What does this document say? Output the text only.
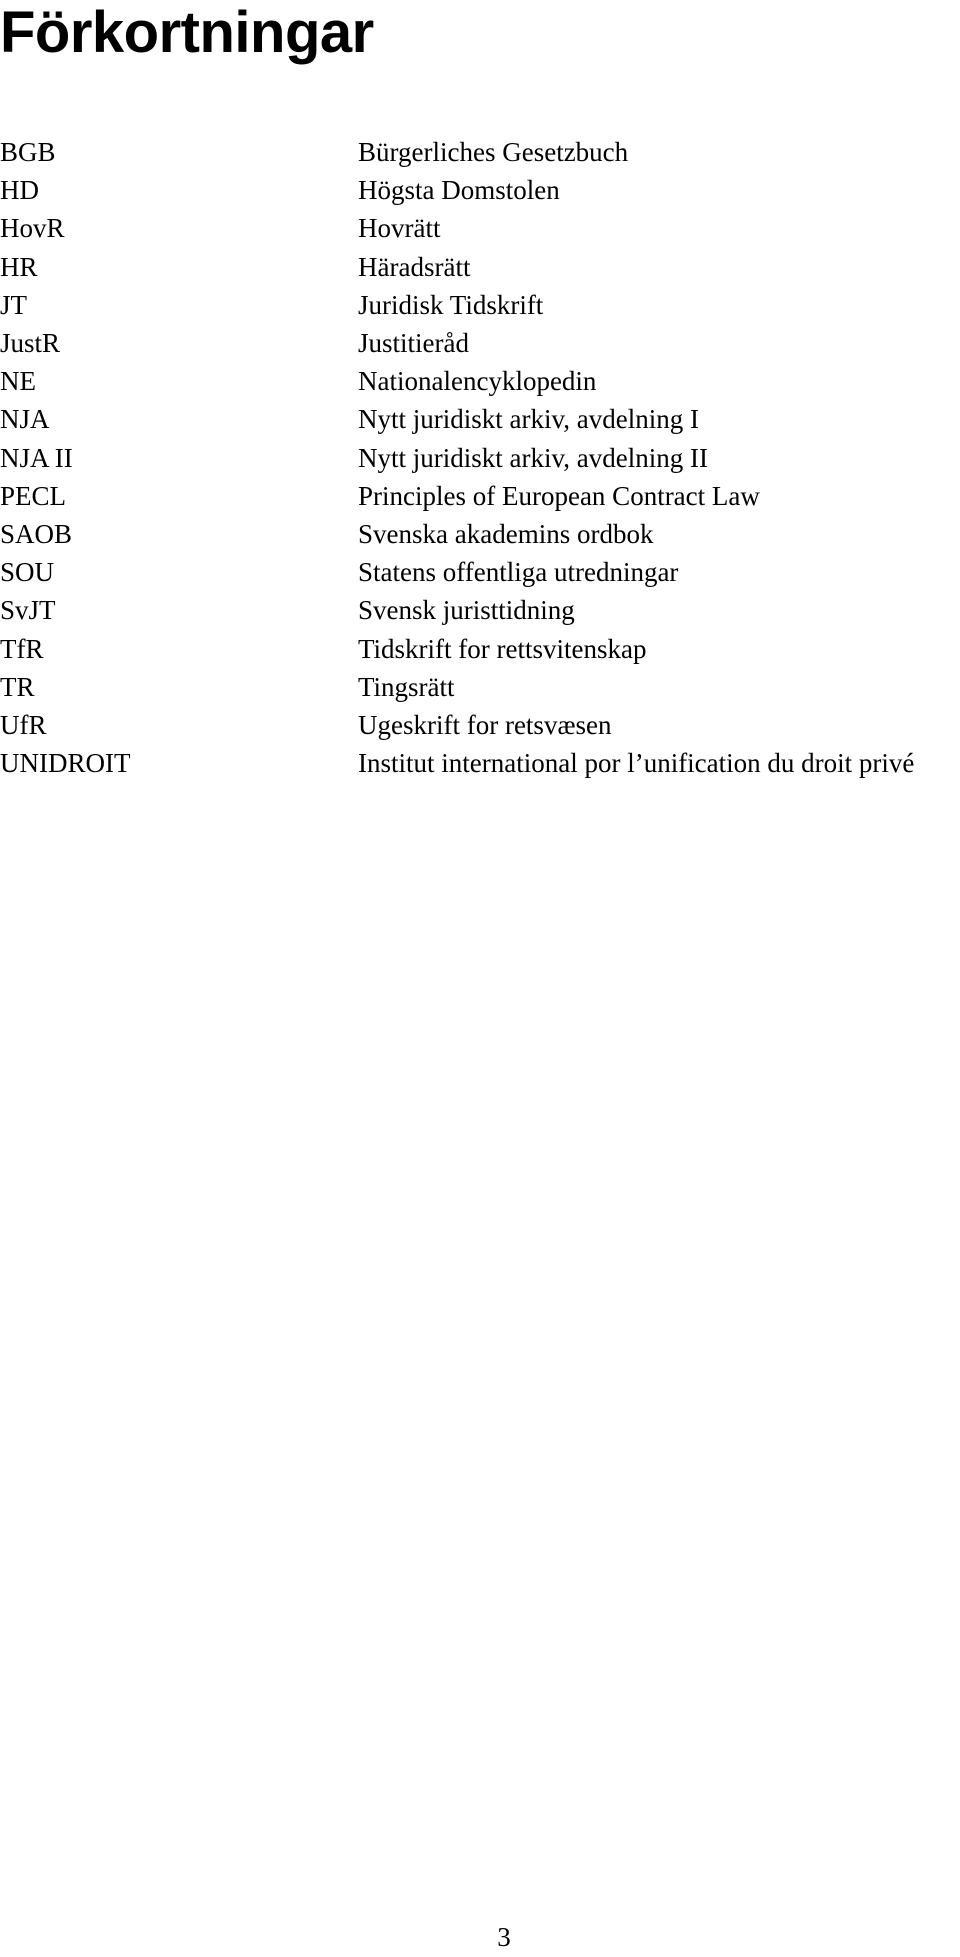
Förkortningar
BGB	Bürgerliches Gesetzbuch
HD	Högsta Domstolen
HovR	Hovrätt
HR	Häradsrätt
JT	Juridisk Tidskrift
JustR	Justitieråd
NE	Nationalencyklopedin
NJA	Nytt juridiskt arkiv, avdelning I
NJA II	Nytt juridiskt arkiv, avdelning II
PECL	Principles of European Contract Law
SAOB	Svenska akademins ordbok
SOU	Statens offentliga utredningar
SvJT	Svensk juristtidning
TfR	Tidskrift for rettsvitenskap
TR	Tingsrätt
UfR	Ugeskrift for retsvæsen
UNIDROIT	Institut international por l’unification du droit privé
3
